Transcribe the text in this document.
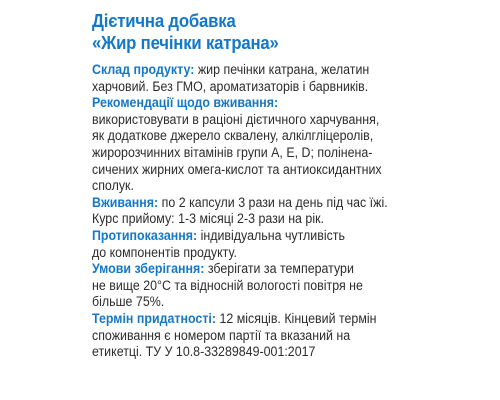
Дієтична добавка
«Жир печінки катрана»
Склад продукту: жир печінки катрана, желатин
харчовий. Без ГМО, ароматизаторів і барвників.
Рекомендації щодо вживання:
використовувати в раціоні дієтичного харчування,
як додаткове джерело сквалену, алкілгліцеролів,
жиророзчинних вітамінів групи А, Е, D; поліненa-
сичених жирних омега-кислот та антиоксидантних
сполук.
Вживання: по 2 капсули 3 рази на день під час їжі.
Курс прийому: 1-3 місяці 2-3 рази на рік.
Протипоказання: індивідуальна чутливість
до компонентів продукту.
Умови зберігання: зберігати за температури
не вище 20°С та відносній вологості повітря не
більше 75%.
Термін придатності: 12 місяців. Кінцевий термін
споживання є номером партії та вказаний на
етикетці. ТУ У 10.8-33289849-001:2017
